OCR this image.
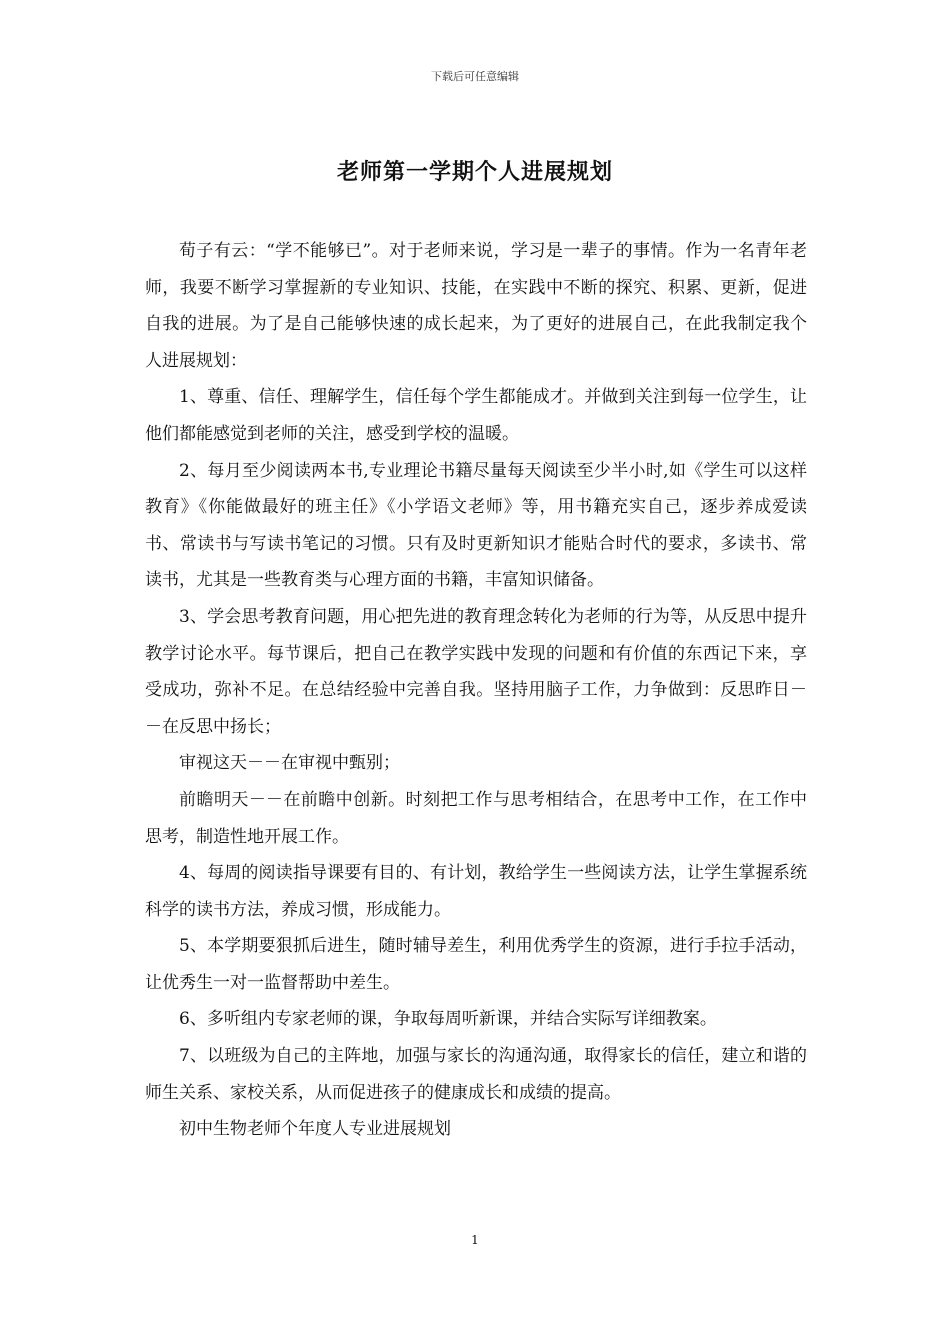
下载后可任意编辑
老师第一学期个人进展规划

荀子有云：“学不能够已”。对于老师来说，学习是一辈子的事情。作为一名青年老师，我要不断学习掌握新的专业知识、技能，在实践中不断的探究、积累、更新，促进自我的进展。为了是自己能够快速的成长起来，为了更好的进展自己，在此我制定我个人进展规划：

1、尊重、信任、理解学生，信任每个学生都能成才。并做到关注到每一位学生，让他们都能感觉到老师的关注，感受到学校的温暖。

2、每月至少阅读两本书,专业理论书籍尽量每天阅读至少半小时,如《学生可以这样教育》《你能做最好的班主任》《小学语文老师》等，用书籍充实自己，逐步养成爱读书、常读书与写读书笔记的习惯。只有及时更新知识才能贴合时代的要求，多读书、常读书，尤其是一些教育类与心理方面的书籍，丰富知识储备。

3、学会思考教育问题，用心把先进的教育理念转化为老师的行为等，从反思中提升教学讨论水平。每节课后，把自己在教学实践中发现的问题和有价值的东西记下来，享受成功，弥补不足。在总结经验中完善自我。坚持用脑子工作，力争做到：反思昨日－－在反思中扬长；

审视这天－－在审视中甄别；

前瞻明天－－在前瞻中创新。时刻把工作与思考相结合，在思考中工作，在工作中思考，制造性地开展工作。

4、每周的阅读指导课要有目的、有计划，教给学生一些阅读方法，让学生掌握系统科学的读书方法，养成习惯，形成能力。

5、本学期要狠抓后进生，随时辅导差生，利用优秀学生的资源，进行手拉手活动，让优秀生一对一监督帮助中差生。

6、多听组内专家老师的课，争取每周听新课，并结合实际写详细教案。

7、以班级为自己的主阵地，加强与家长的沟通沟通，取得家长的信任，建立和谐的师生关系、家校关系，从而促进孩子的健康成长和成绩的提高。

初中生物老师个年度人专业进展规划

1
